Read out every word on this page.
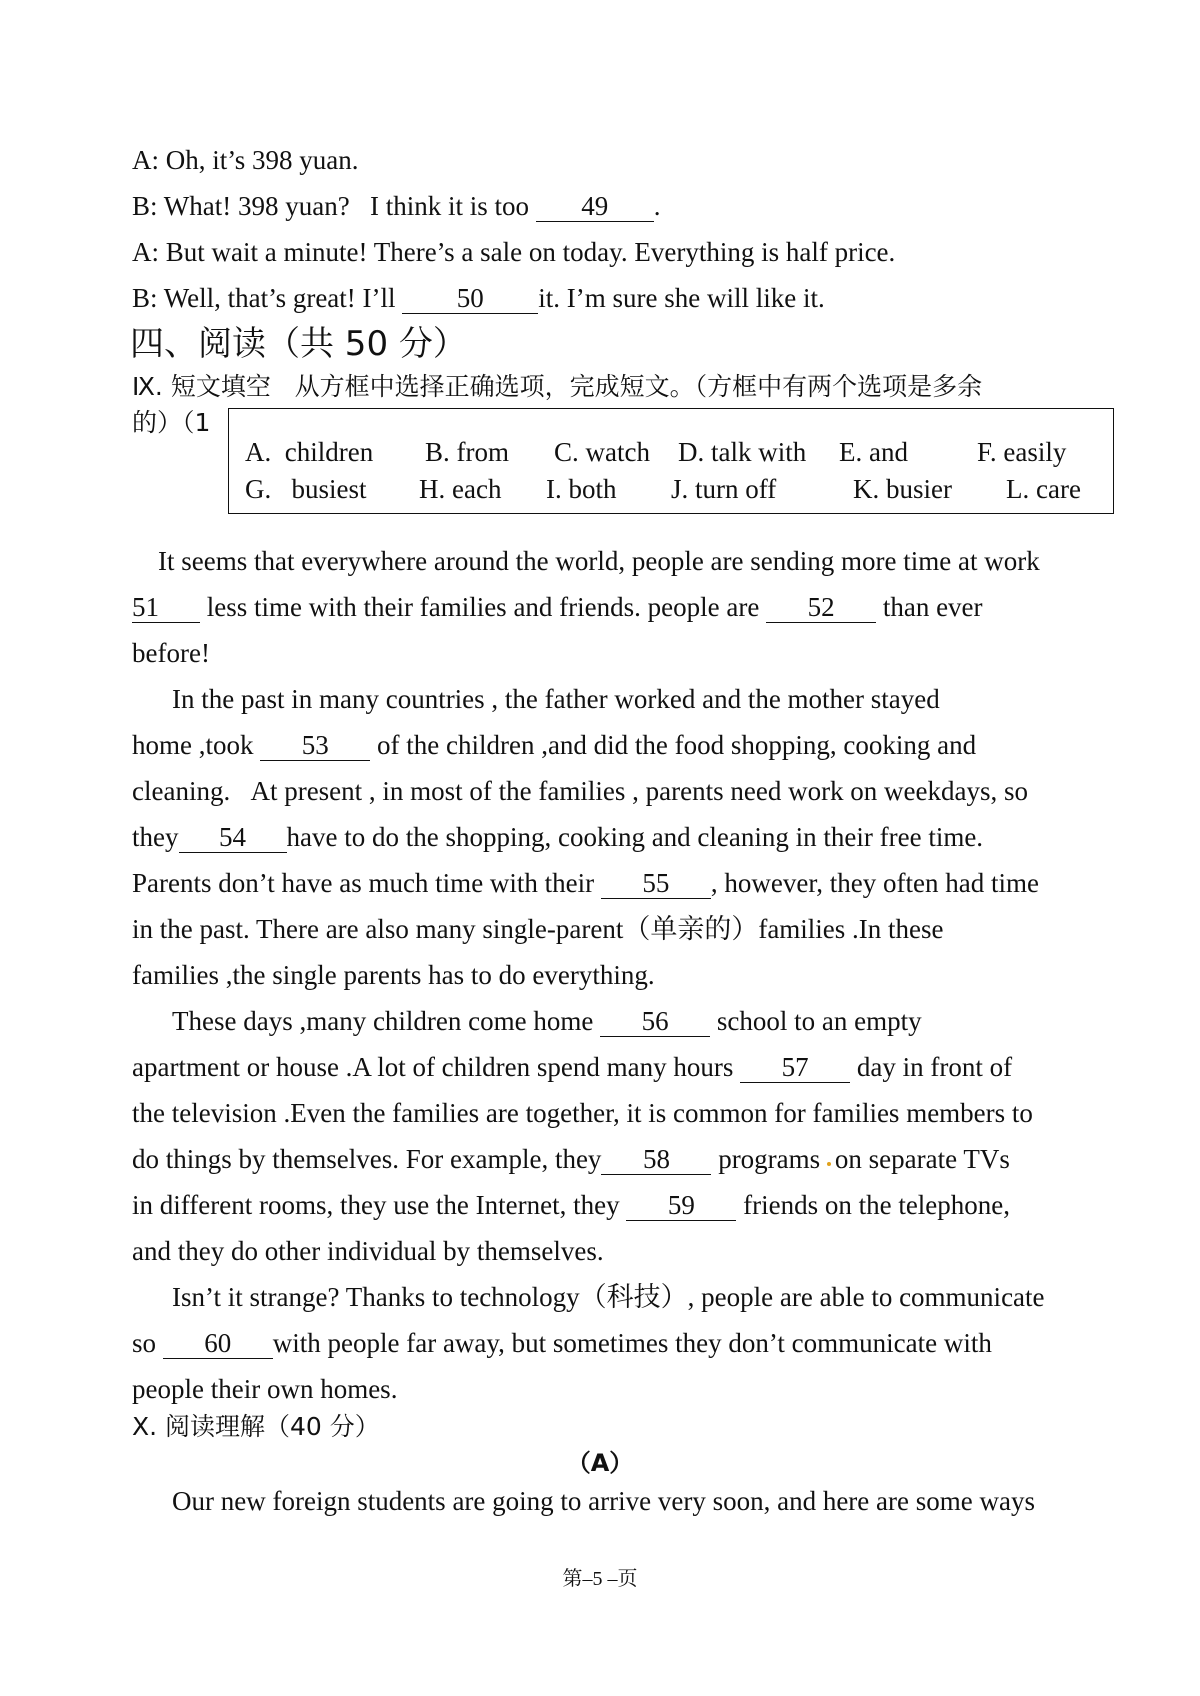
A: Oh, it’s 398 yuan.
B: What! 398 yuan?   I think it is too 49 .
A: But wait a minute! There’s a sale on today. Everything is half price.
B: Well, that’s great! I’ll 50 it. I’m sure she will like it.
四、阅读（共 50 分）
Ⅸ. 短文填空   从方框中选择正确选项，完成短文。（方框中有两个选项是多余
的）（1
A. children B. from C. watch D. talk with E. and	F. easily
G. busiest H. each I. both J. turn off	K. busier L. care
It seems that everywhere around the world, people are sending more time at work
51 less time with their families and friends. people are 52 than ever
before!
In the past in many countries , the father worked and the mother stayed
home ,took 53 of the children ,and did the food shopping, cooking and
cleaning.   At present , in most of the families , parents need work on weekdays, so
they 54 have to do the shopping, cooking and cleaning in their free time.
Parents don’t have as much time with their 55 , however, they often had time
in the past. There are also many single-parent（单亲的）families .In these
families ,the single parents has to do everything.
These days ,many children come home 56 school to an empty
apartment or house .A lot of children spend many hours 57 day in front of
the television .Even the families are together, it is common for families members to
do things by themselves. For example, they 58 programs on separate TVs
in different rooms, they use the Internet, they 59 friends on the telephone,
and they do other individual by themselves.
Isn’t it strange? Thanks to technology（科技）, people are able to communicate
so 60 with people far away, but sometimes they don’t communicate with
people their own homes.
Ⅹ. 阅读理解（40 分）
（A）
Our new foreign students are going to arrive very soon, and here are some ways
第–5 –页
